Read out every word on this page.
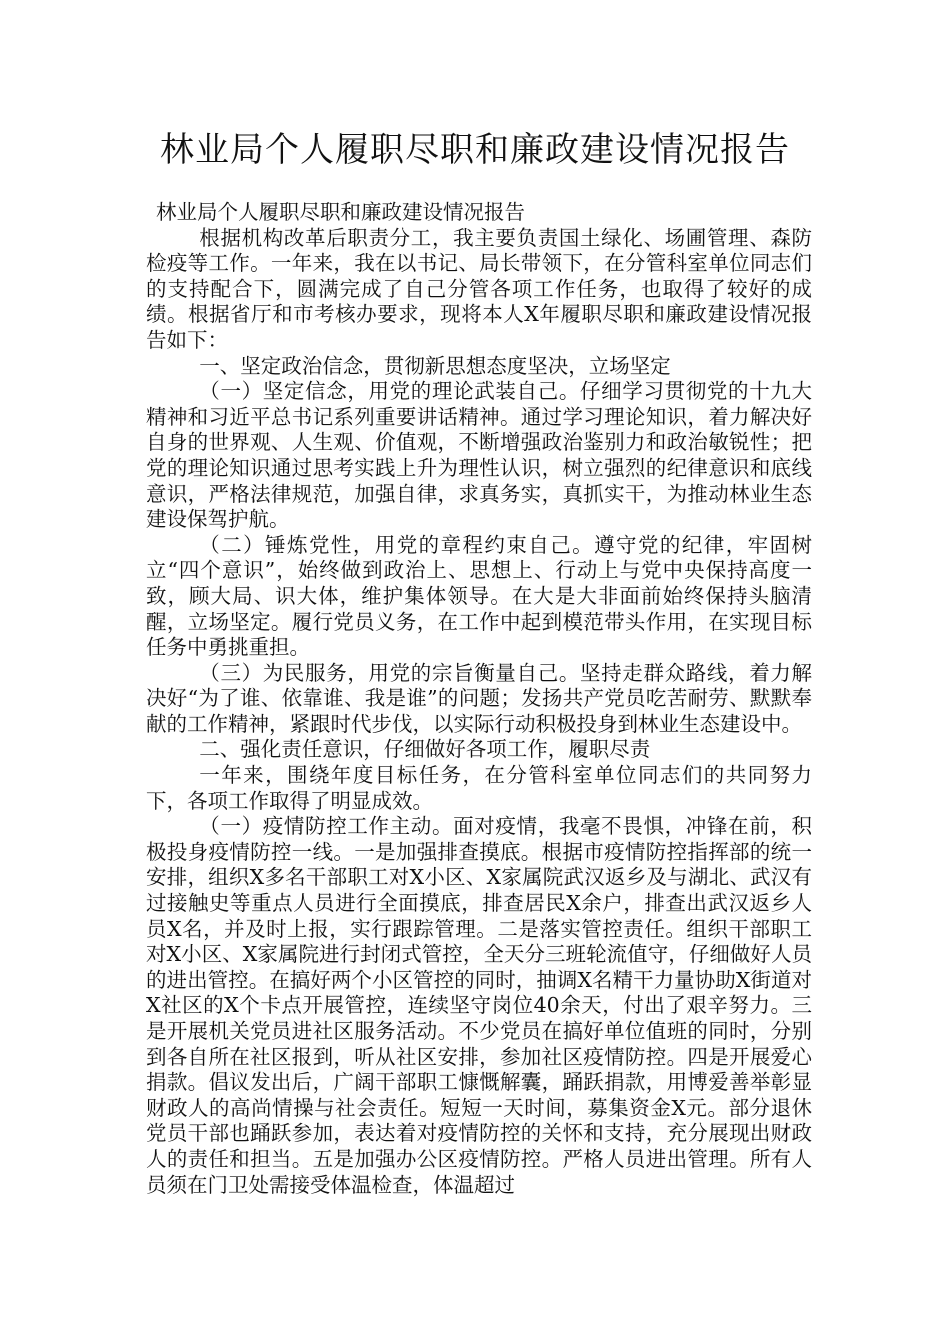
林业局个人履职尽职和廉政建设情况报告

林业局个人履职尽职和廉政建设情况报告

根据机构改革后职责分工，我主要负责国土绿化、场圃管理、森防检疫等工作。一年来，我在以书记、局长带领下，在分管科室单位同志们的支持配合下，圆满完成了自己分管各项工作任务，也取得了较好的成绩。根据省厅和市考核办要求，现将本人X年履职尽职和廉政建设情况报告如下：

一、坚定政治信念，贯彻新思想态度坚决，立场坚定

（一）坚定信念，用党的理论武装自己。仔细学习贯彻党的十九大精神和习近平总书记系列重要讲话精神。通过学习理论知识，着力解决好自身的世界观、人生观、价值观，不断增强政治鉴别力和政治敏锐性；把党的理论知识通过思考实践上升为理性认识，树立强烈的纪律意识和底线意识，严格法律规范，加强自律，求真务实，真抓实干，为推动林业生态建设保驾护航。

（二）锤炼党性，用党的章程约束自己。遵守党的纪律，牢固树立“四个意识”，始终做到政治上、思想上、行动上与党中央保持高度一致，顾大局、识大体，维护集体领导。在大是大非面前始终保持头脑清醒，立场坚定。履行党员义务，在工作中起到模范带头作用，在实现目标任务中勇挑重担。

（三）为民服务，用党的宗旨衡量自己。坚持走群众路线，着力解决好“为了谁、依靠谁、我是谁”的问题；发扬共产党员吃苦耐劳、默默奉献的工作精神，紧跟时代步伐，以实际行动积极投身到林业生态建设中。

二、强化责任意识，仔细做好各项工作，履职尽责

一年来，围绕年度目标任务，在分管科室单位同志们的共同努力下，各项工作取得了明显成效。

（一）疫情防控工作主动。面对疫情，我毫不畏惧，冲锋在前，积极投身疫情防控一线。一是加强排查摸底。根据市疫情防控指挥部的统一安排，组织X多名干部职工对X小区、X家属院武汉返乡及与湖北、武汉有过接触史等重点人员进行全面摸底，排查居民X余户，排查出武汉返乡人员X名，并及时上报，实行跟踪管理。二是落实管控责任。组织干部职工对X小区、X家属院进行封闭式管控，全天分三班轮流值守，仔细做好人员的进出管控。在搞好两个小区管控的同时，抽调X名精干力量协助X街道对X社区的X个卡点开展管控，连续坚守岗位40余天，付出了艰辛努力。三是开展机关党员进社区服务活动。不少党员在搞好单位值班的同时，分别到各自所在社区报到，听从社区安排，参加社区疫情防控。四是开展爱心捐款。倡议发出后，广阔干部职工慷慨解囊，踊跃捐款，用博爱善举彰显财政人的高尚情操与社会责任。短短一天时间，募集资金X元。部分退休党员干部也踊跃参加，表达着对疫情防控的关怀和支持，充分展现出财政人的责任和担当。五是加强办公区疫情防控。严格人员进出管理。所有人员须在门卫处需接受体温检查，体温超过
